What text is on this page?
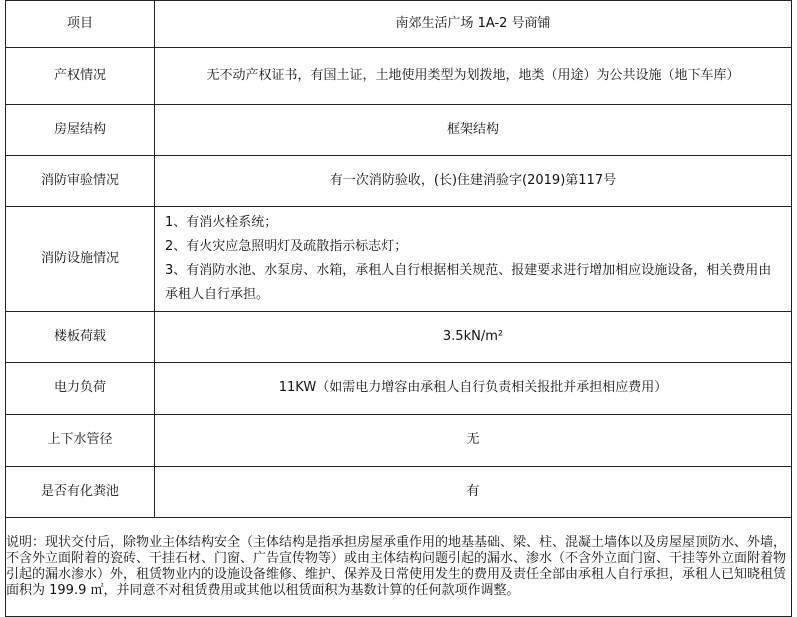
项目	南郊生活广场 1A-2 号商铺
产权情况	无不动产权证书，有国土证，土地使用类型为划拨地，地类（用途）为公共设施（地下车库）
房屋结构	框架结构
消防审验情况	有一次消防验收，(长)住建消验字(2019)第117号
消防设施情况	1、有消火栓系统；
2、有火灾应急照明灯及疏散指示标志灯；
3、有消防水池、水泵房、水箱，承租人自行根据相关规范、报建要求进行增加相应设施设备，相关费用由承租人自行承担。

楼板荷载	3.5kN/m²
电力负荷	11KW（如需电力增容由承租人自行负责相关报批并承担相应费用）
上下水管径	无
是否有化粪池	有
说明：现状交付后，除物业主体结构安全（主体结构是指承担房屋承重作用的地基基础、梁、柱、混凝土墙体以及房屋屋顶防水、外墙，不含外立面附着的瓷砖、干挂石材、门窗、广告宣传物等）或由主体结构问题引起的漏水、渗水（不含外立面门窗、干挂等外立面附着物引起的漏水渗水）外，租赁物业内的设施设备维修、维护、保养及日常使用发生的费用及责任全部由承租人自行承担，承租人已知晓租赁面积为 199.9 ㎡，并同意不对租赁费用或其他以租赁面积为基数计算的任何款项作调整。	
